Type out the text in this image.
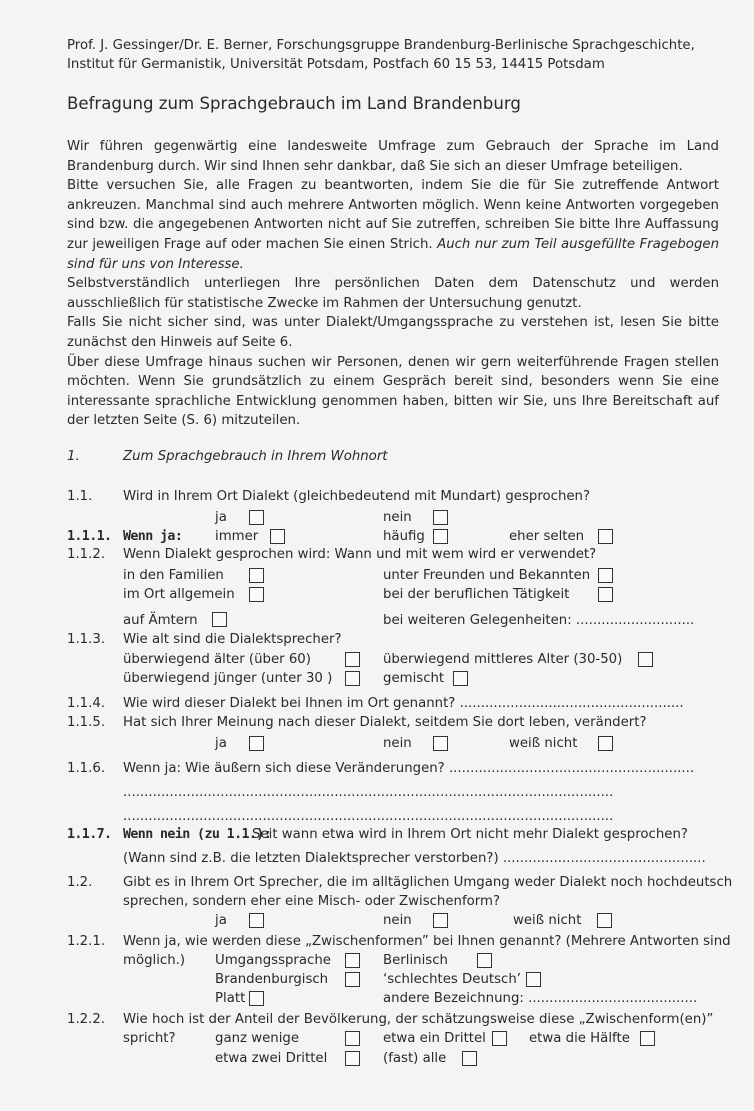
Prof. J. Gessinger/Dr. E. Berner, Forschungsgruppe Brandenburg-Berlinische Sprachgeschichte,
Institut für Germanistik, Universität Potsdam, Postfach 60 15 53, 14415 Potsdam
Befragung zum Sprachgebrauch im Land Brandenburg

Wir führen gegenwärtig eine landesweite Umfrage zum Gebrauch der Sprache im Land Brandenburg durch. Wir sind Ihnen sehr dankbar, daß Sie sich an dieser Umfrage beteiligen.

Bitte versuchen Sie, alle Fragen zu beantworten, indem Sie die für Sie zutreffende Antwort ankreuzen. Manchmal sind auch mehrere Antworten möglich. Wenn keine Antworten vorgegeben sind bzw. die angegebenen Antworten nicht auf Sie zutreffen, schreiben Sie bitte Ihre Auffassung zur jeweiligen Frage auf oder machen Sie einen Strich. Auch nur zum Teil ausgefüllte Fragebogen sind für uns von Interesse.

Selbstverständlich unterliegen Ihre persönlichen Daten dem Datenschutz und werden ausschließlich für statistische Zwecke im Rahmen der Untersuchung genutzt.

Falls Sie nicht sicher sind, was unter Dialekt/Umgangssprache zu verstehen ist, lesen Sie bitte zunächst den Hinweis auf Seite 6.

Über diese Umfrage hinaus suchen wir Personen, denen wir gern weiterführende Fragen stellen möchten. Wenn Sie grundsätzlich zu einem Gespräch bereit sind, besonders wenn Sie eine interessante sprachliche Entwicklung genommen haben, bitten wir Sie, uns Ihre Bereitschaft auf der letzten Seite (S. 6) mitzuteilen.

1.	Zum Sprachgebrauch in Ihrem Wohnort
1.1. Wird in Ihrem Ort Dialekt (gleichbedeutend mit Mundart) gesprochen?
ja	nein
1.1.1. Wenn ja: immer	häufig	eher selten
1.1.2. Wenn Dialekt gesprochen wird: Wann und mit wem wird er verwendet?
in den Familien	unter Freunden und Bekannten
im Ort allgemein	bei der beruflichen Tätigkeit
auf Ämtern	bei weiteren Gelegenheiten: ............................
1.1.3. Wie alt sind die Dialektsprecher?
überwiegend älter (über 60)	überwiegend mittleres Alter (30-50)
überwiegend jünger (unter 30 )	gemischt
1.1.4. Wie wird dieser Dialekt bei Ihnen im Ort genannt? .....................................................
1.1.5. Hat sich Ihrer Meinung nach dieser Dialekt, seitdem Sie dort leben, verändert?
ja	nein	weiß nicht
1.1.6. Wenn ja: Wie äußern sich diese Veränderungen? ..........................................................
....................................................................................................................
....................................................................................................................
1.1.7. Wenn nein (zu 1.1.):
Seit wann etwa wird in Ihrem Ort nicht mehr Dialekt gesprochen?
(Wann sind z.B. die letzten Dialektsprecher verstorben?) ................................................
1.2. Gibt es in Ihrem Ort Sprecher, die im alltäglichen Umgang weder Dialekt noch hochdeutsch
sprechen, sondern eher eine Misch- oder Zwischenform?
ja	nein	weiß nicht
1.2.1. Wenn ja, wie werden diese „Zwischenformen” bei Ihnen genannt? (Mehrere Antworten sind
möglich.) Umgangssprache	Berlinisch
Brandenburgisch	‘schlechtes Deutsch’
Platt	andere Bezeichnung: ........................................
1.2.2. Wie hoch ist der Anteil der Bevölkerung, der schätzungsweise diese „Zwischenform(en)”
spricht?	ganz wenige	etwa ein Drittel	etwa die Hälfte
etwa zwei Drittel	(fast) alle
